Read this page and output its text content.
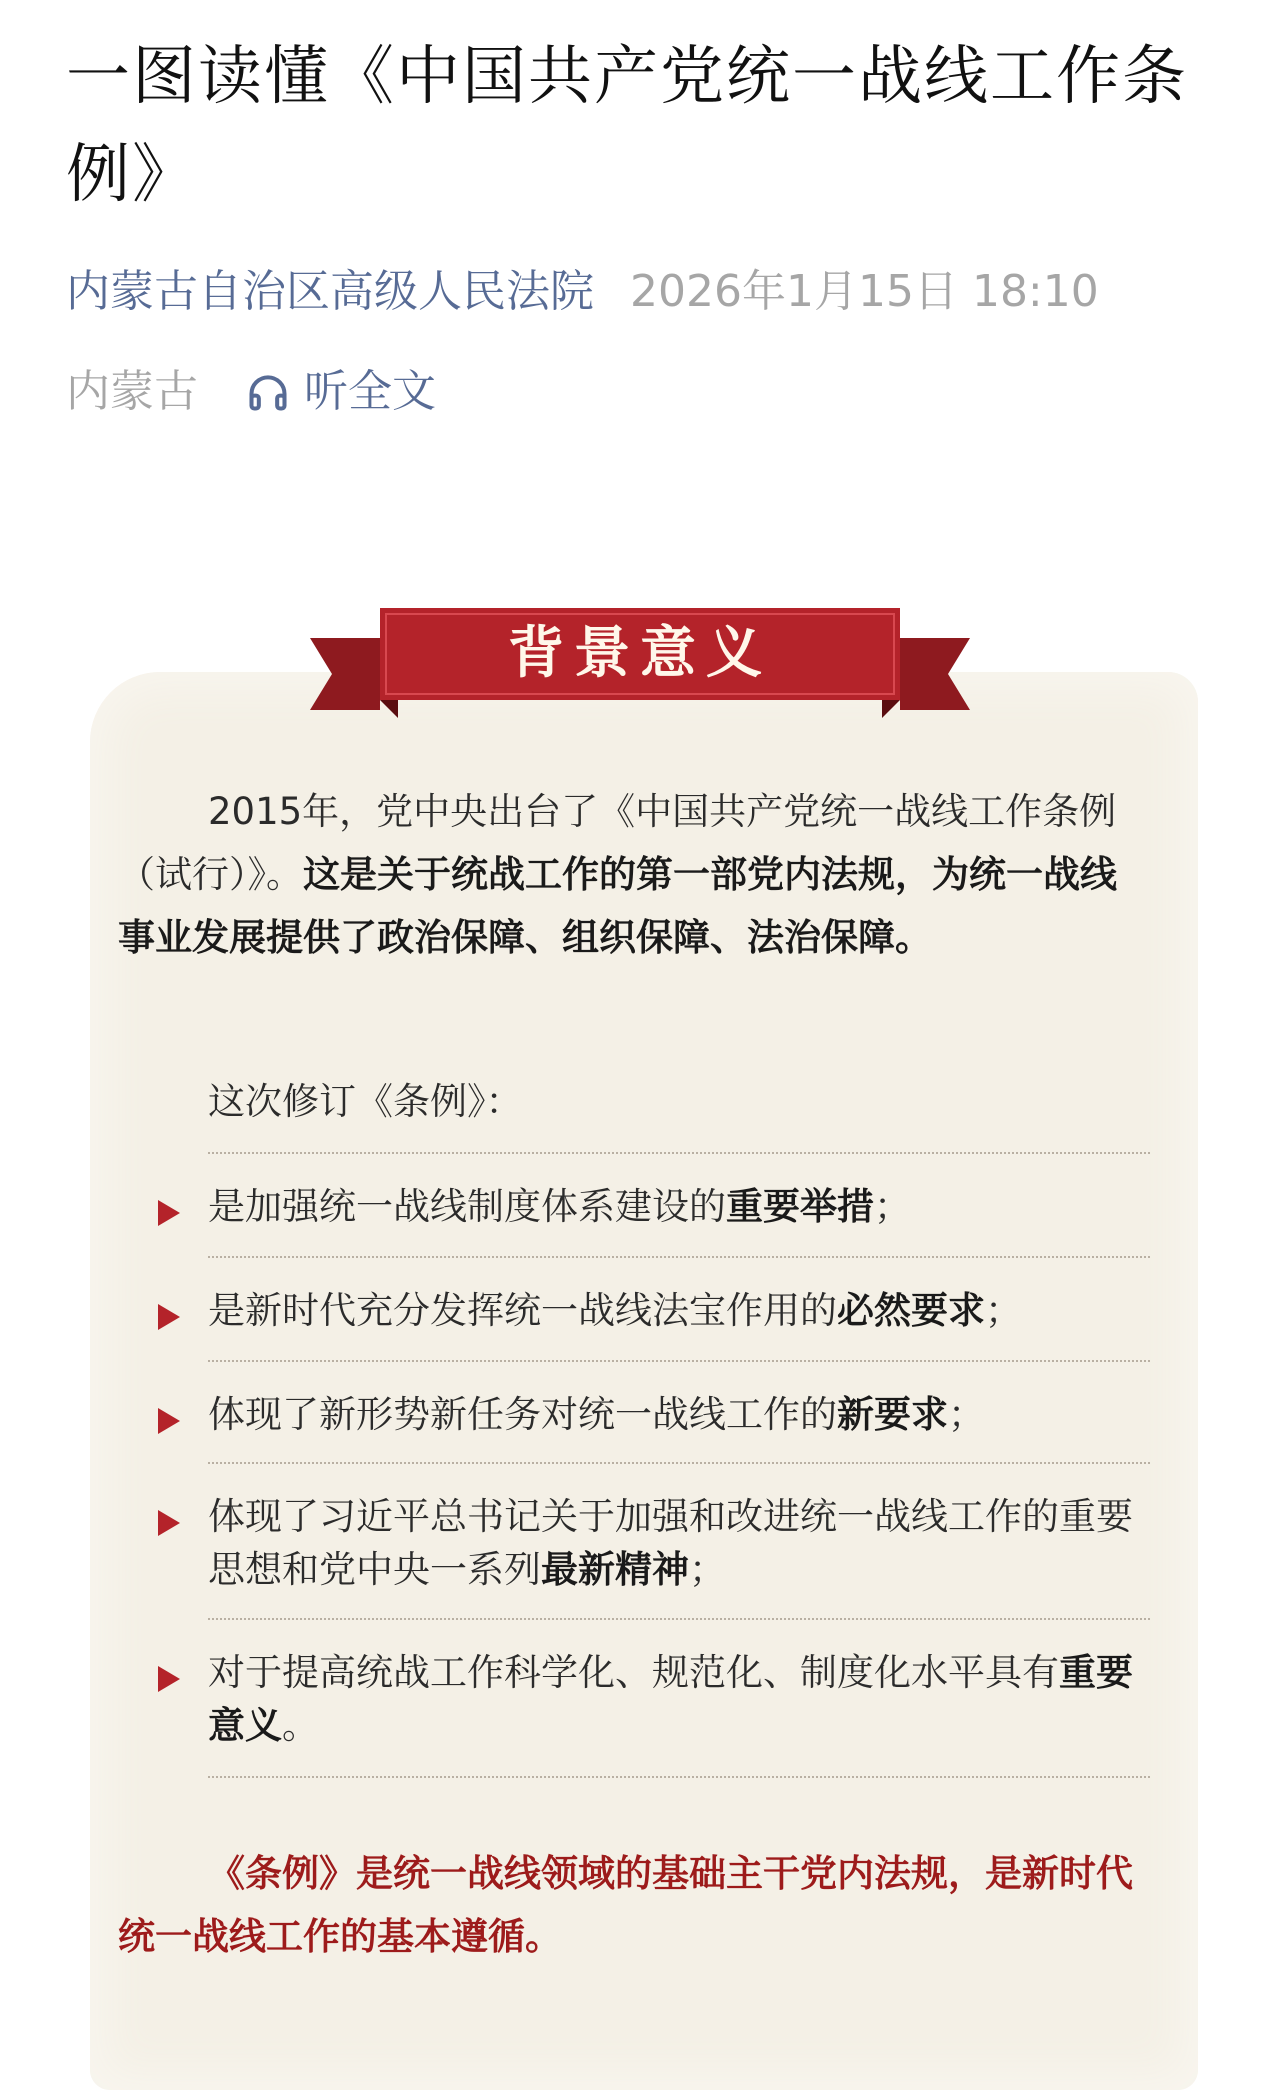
一图读懂《中国共产党统一战线工作条例》
内蒙古自治区高级人民法院 2026年1月15日 18:10
内蒙古 听全文
背景意义

2015年，党中央出台了《中国共产党统一战线工作条例（试行）》。这是关于统战工作的第一部党内法规，为统一战线事业发展提供了政治保障、组织保障、法治保障。

这次修订《条例》：
是加强统一战线制度体系建设的重要举措；
是新时代充分发挥统一战线法宝作用的必然要求；
体现了新形势新任务对统一战线工作的新要求；
体现了习近平总书记关于加强和改进统一战线工作的重要思想和党中央一系列最新精神；
对于提高统战工作科学化、规范化、制度化水平具有重要意义。

《条例》是统一战线领域的基础主干党内法规，是新时代统一战线工作的基本遵循。
